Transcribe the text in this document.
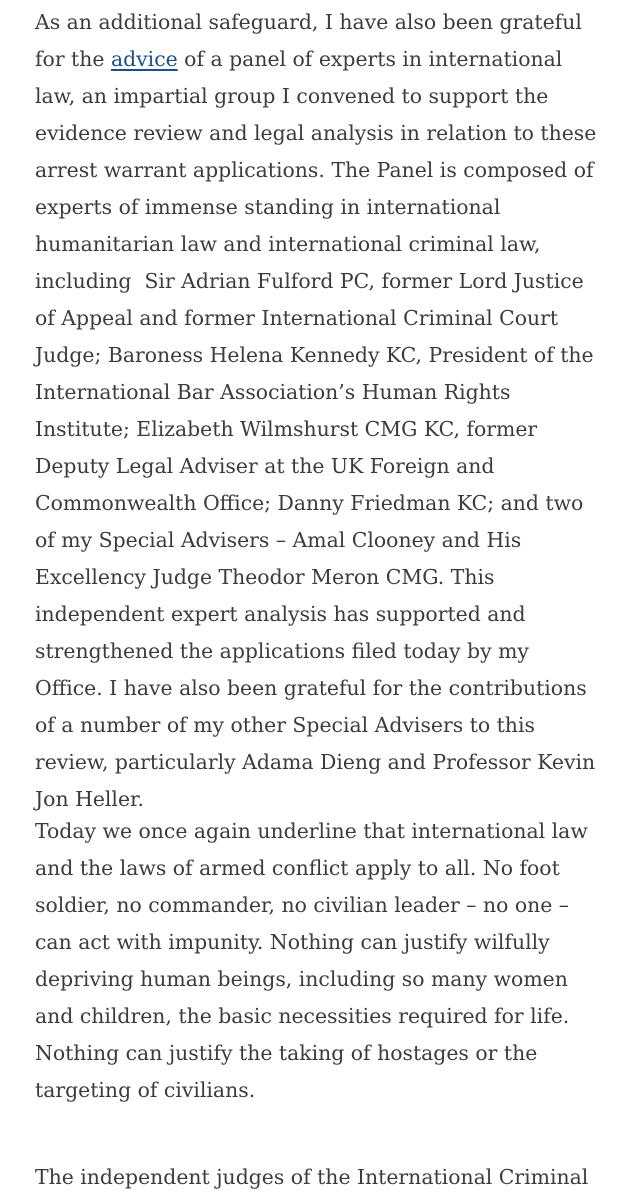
As an additional safeguard, I have also been grateful
for the advice of a panel of experts in international
law, an impartial group I convened to support the
evidence review and legal analysis in relation to these
arrest warrant applications. The Panel is composed of
experts of immense standing in international
humanitarian law and international criminal law,
including  Sir Adrian Fulford PC, former Lord Justice
of Appeal and former International Criminal Court
Judge; Baroness Helena Kennedy KC, President of the
International Bar Association’s Human Rights
Institute; Elizabeth Wilmshurst CMG KC, former
Deputy Legal Adviser at the UK Foreign and
Commonwealth Office; Danny Friedman KC; and two
of my Special Advisers – Amal Clooney and His
Excellency Judge Theodor Meron CMG. This
independent expert analysis has supported and
strengthened the applications filed today by my
Office. I have also been grateful for the contributions
of a number of my other Special Advisers to this
review, particularly Adama Dieng and Professor Kevin
Jon Heller.
Today we once again underline that international law
and the laws of armed conflict apply to all. No foot
soldier, no commander, no civilian leader – no one –
can act with impunity. Nothing can justify wilfully
depriving human beings, including so many women
and children, the basic necessities required for life.
Nothing can justify the taking of hostages or the
targeting of civilians.
The independent judges of the International Criminal
